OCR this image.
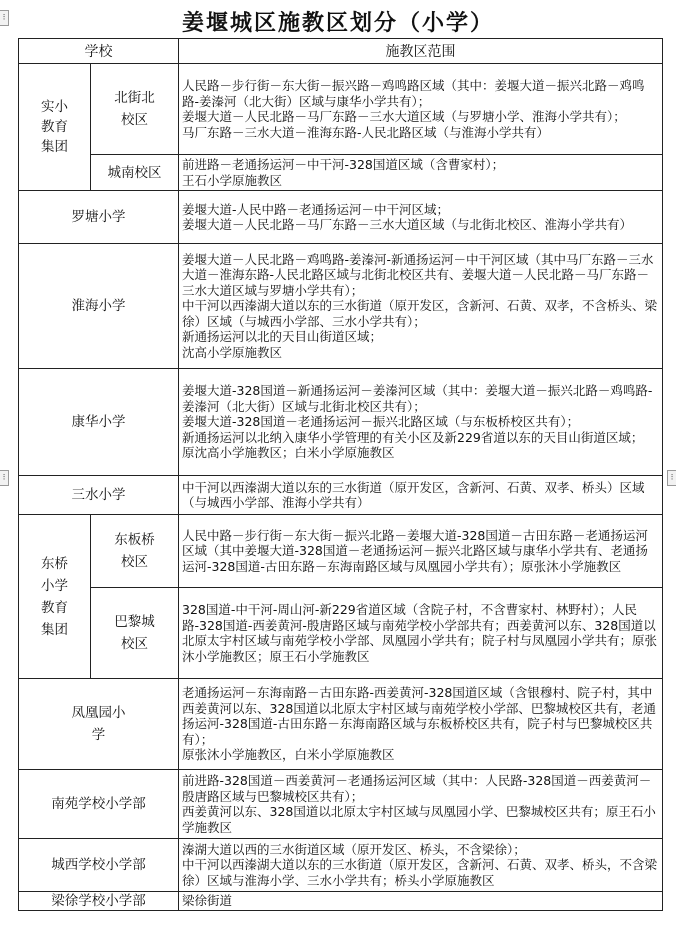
⁝
⁝	⁝
姜堰城区施教区划分（小学）
学校		施教区范围

实小教育集团	北街北校区	人民路－步行街－东大街－振兴路－鸡鸣路区域（其中：姜堰大道－振兴北路－鸡鸣路-姜溱河（北大街）区域与康华小学共有）；
姜堰大道－人民北路－马厂东路－三水大道区域（与罗塘小学、淮海小学共有）；
马厂东路－三水大道－淮海东路-人民北路区域（与淮海小学共有）

	城南校区	前进路－老通扬运河－中干河-328国道区域（含曹家村）；
王石小学原施教区

罗塘小学		姜堰大道-人民中路－老通扬运河－中干河区域；
姜堰大道－人民北路－马厂东路－三水大道区域（与北街北校区、淮海小学共有）

淮海小学		姜堰大道－人民北路－鸡鸣路-姜溱河-新通扬运河－中干河区域（其中马厂东路－三水大道－淮海东路-人民北路区域与北街北校区共有、姜堰大道－人民北路－马厂东路－三水大道区域与罗塘小学共有）；
中干河以西溱湖大道以东的三水街道（原开发区，含新河、石黄、双孝，不含桥头、梁徐）区域（与城西小学部、三水小学共有）；
新通扬运河以北的天目山街道区域；
沈高小学原施教区

康华小学		姜堰大道-328国道－新通扬运河－姜溱河区域（其中：姜堰大道－振兴北路－鸡鸣路-姜溱河（北大街）区域与北街北校区共有）；
姜堰大道-328国道－老通扬运河－振兴北路区域（与东板桥校区共有）；
新通扬运河以北纳入康华小学管理的有关小区及新229省道以东的天目山街道区域；
原沈高小学施教区；白米小学原施教区

三水小学		中干河以西溱湖大道以东的三水街道（原开发区，含新河、石黄、双孝、桥头）区域（与城西小学部、淮海小学共有）

东桥小学教育集团	东板桥校区	人民中路－步行街－东大街－振兴北路－姜堰大道-328国道－古田东路－老通扬运河区域（其中姜堰大道-328国道－老通扬运河－振兴北路区域与康华小学共有、老通扬运河-328国道-古田东路－东海南路区域与凤凰园小学共有）；原张沐小学施教区

	巴黎城校区	328国道-中干河-周山河-新229省道区域（含院子村，不含曹家村、林野村）；人民路-328国道-西姜黄河-殷唐路区域与南苑学校小学部共有；西姜黄河以东、328国道以北原太宇村区域与南苑学校小学部、凤凰园小学共有；院子村与凤凰园小学共有；原张沐小学施教区；原王石小学施教区

凤凰园小学		老通扬运河－东海南路－古田东路-西姜黄河-328国道区域（含银穆村、院子村，其中西姜黄河以东、328国道以北原太宇村区域与南苑学校小学部、巴黎城校区共有，老通扬运河-328国道-古田东路－东海南路区域与东板桥校区共有，院子村与巴黎城校区共有）；
原张沐小学施教区，白米小学原施教区

南苑学校小学部		前进路-328国道－西姜黄河－老通扬运河区域（其中：人民路-328国道－西姜黄河－殷唐路区域与巴黎城校区共有）；
西姜黄河以东、328国道以北原太宇村区域与凤凰园小学、巴黎城校区共有；原王石小学施教区

城西学校小学部		溱湖大道以西的三水街道区域（原开发区、桥头，不含梁徐）；
中干河以西溱湖大道以东的三水街道（原开发区，含新河、石黄、双孝、桥头，不含梁徐）区域与淮海小学、三水小学共有；桥头小学原施教区

梁徐学校小学部		梁徐街道
